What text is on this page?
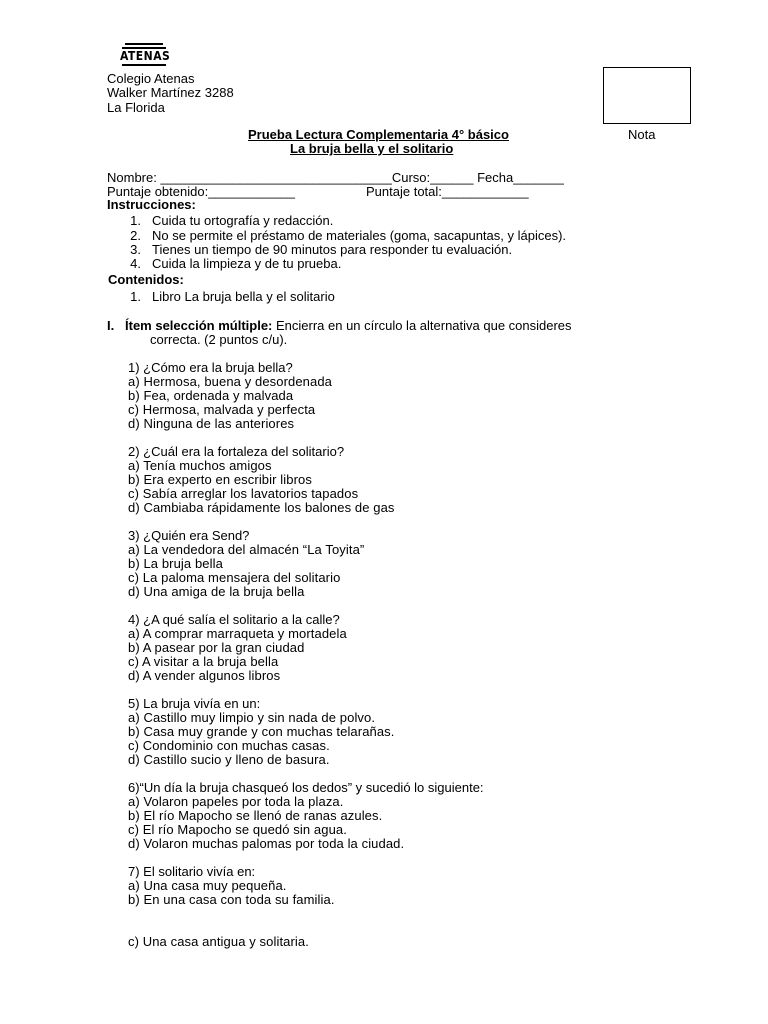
ATENAS
Colegio Atenas
Walker Martínez 3288
La Florida
Nota
Prueba Lectura Complementaria 4° básico
La bruja bella y el solitario
Nombre: ________________________________Curso:______ Fecha_______
Puntaje obtenido:____________	Puntaje total:____________
Instrucciones:
1. Cuida tu ortografía y redacción.
2. No se permite el préstamo de materiales (goma, sacapuntas, y lápices).
3. Tienes un tiempo de 90 minutos para responder tu evaluación.
4. Cuida la limpieza y de tu prueba.
Contenidos:
1. Libro La bruja bella y el solitario
I. Ítem selección múltiple: Encierra en un círculo la alternativa que consideres
correcta. (2 puntos c/u).
1) ¿Cómo era la bruja bella?
a) Hermosa, buena y desordenada
b) Fea, ordenada y malvada
c) Hermosa, malvada y perfecta
d) Ninguna de las anteriores
2) ¿Cuál era la fortaleza del solitario?
a) Tenía muchos amigos
b) Era experto en escribir libros
c) Sabía arreglar los lavatorios tapados
d) Cambiaba rápidamente los balones de gas
3) ¿Quién era Send?
a) La vendedora del almacén “La Toyita”
b) La bruja bella
c) La paloma mensajera del solitario
d) Una amiga de la bruja bella
4) ¿A qué salía el solitario a la calle?
a) A comprar marraqueta y mortadela
b) A pasear por la gran ciudad
c) A visitar a la bruja bella
d) A vender algunos libros
5) La bruja vivía en un:
a) Castillo muy limpio y sin nada de polvo.
b) Casa muy grande y con muchas telarañas.
c) Condominio con muchas casas.
d) Castillo sucio y lleno de basura.
6)“Un día la bruja chasqueó los dedos” y sucedió lo siguiente:
a) Volaron papeles por toda la plaza.
b) El río Mapocho se llenó de ranas azules.
c) El río Mapocho se quedó sin agua.
d) Volaron muchas palomas por toda la ciudad.
7) El solitario vivía en:
a) Una casa muy pequeña.
b) En una casa con toda su familia.
c) Una casa antigua y solitaria.
